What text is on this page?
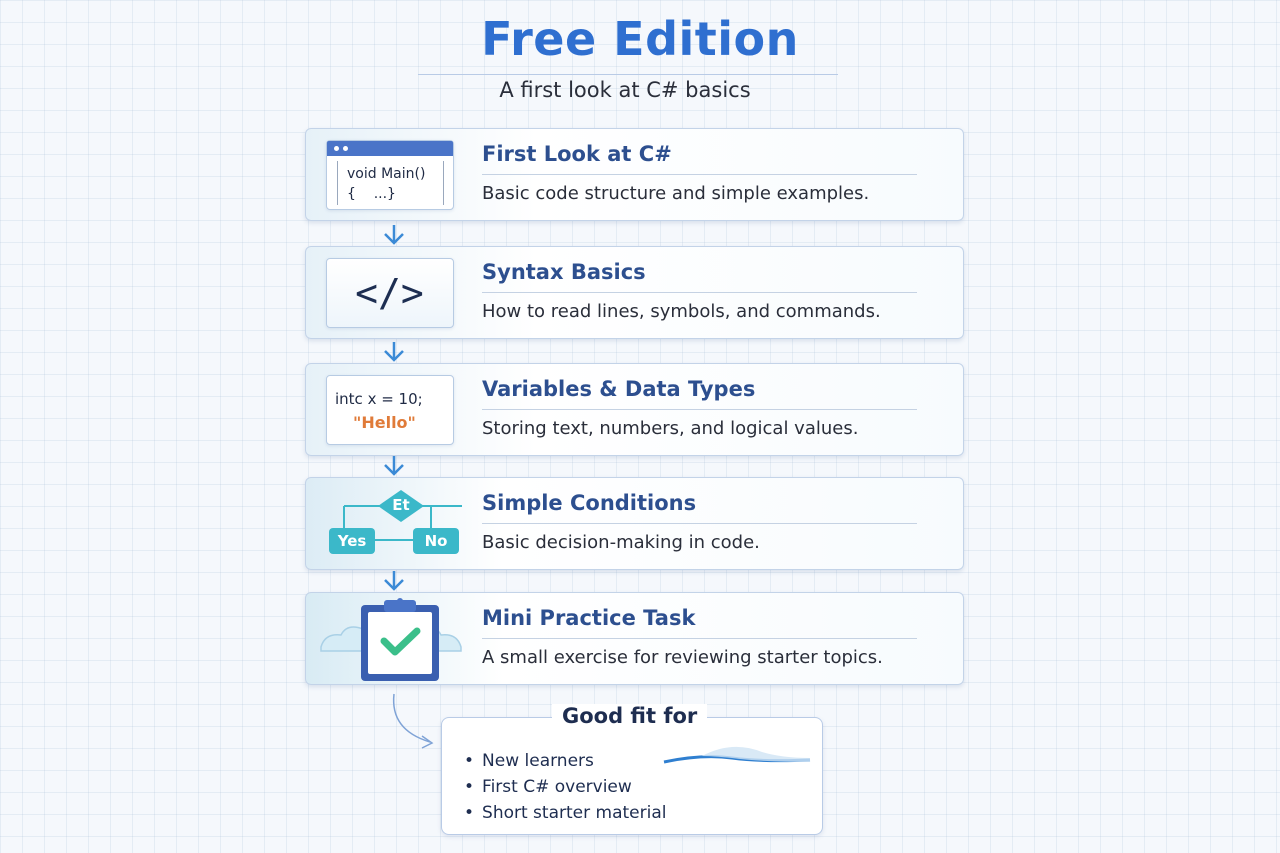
Free Edition
A first look at C# basics
void Main()
{    ...}
First Look at C#
Basic code structure and simple examples.
</>	Syntax Basics
How to read lines, symbols, and commands.
intc x = 10;
"Hello"
Variables & Data Types
Storing text, numbers, and logical values.
Et
Yes	No
Simple Conditions
Basic decision-making in code.
Mini Practice Task
A small exercise for reviewing starter topics.
Good fit for
• New learners
• First C# overview
• Short starter material
